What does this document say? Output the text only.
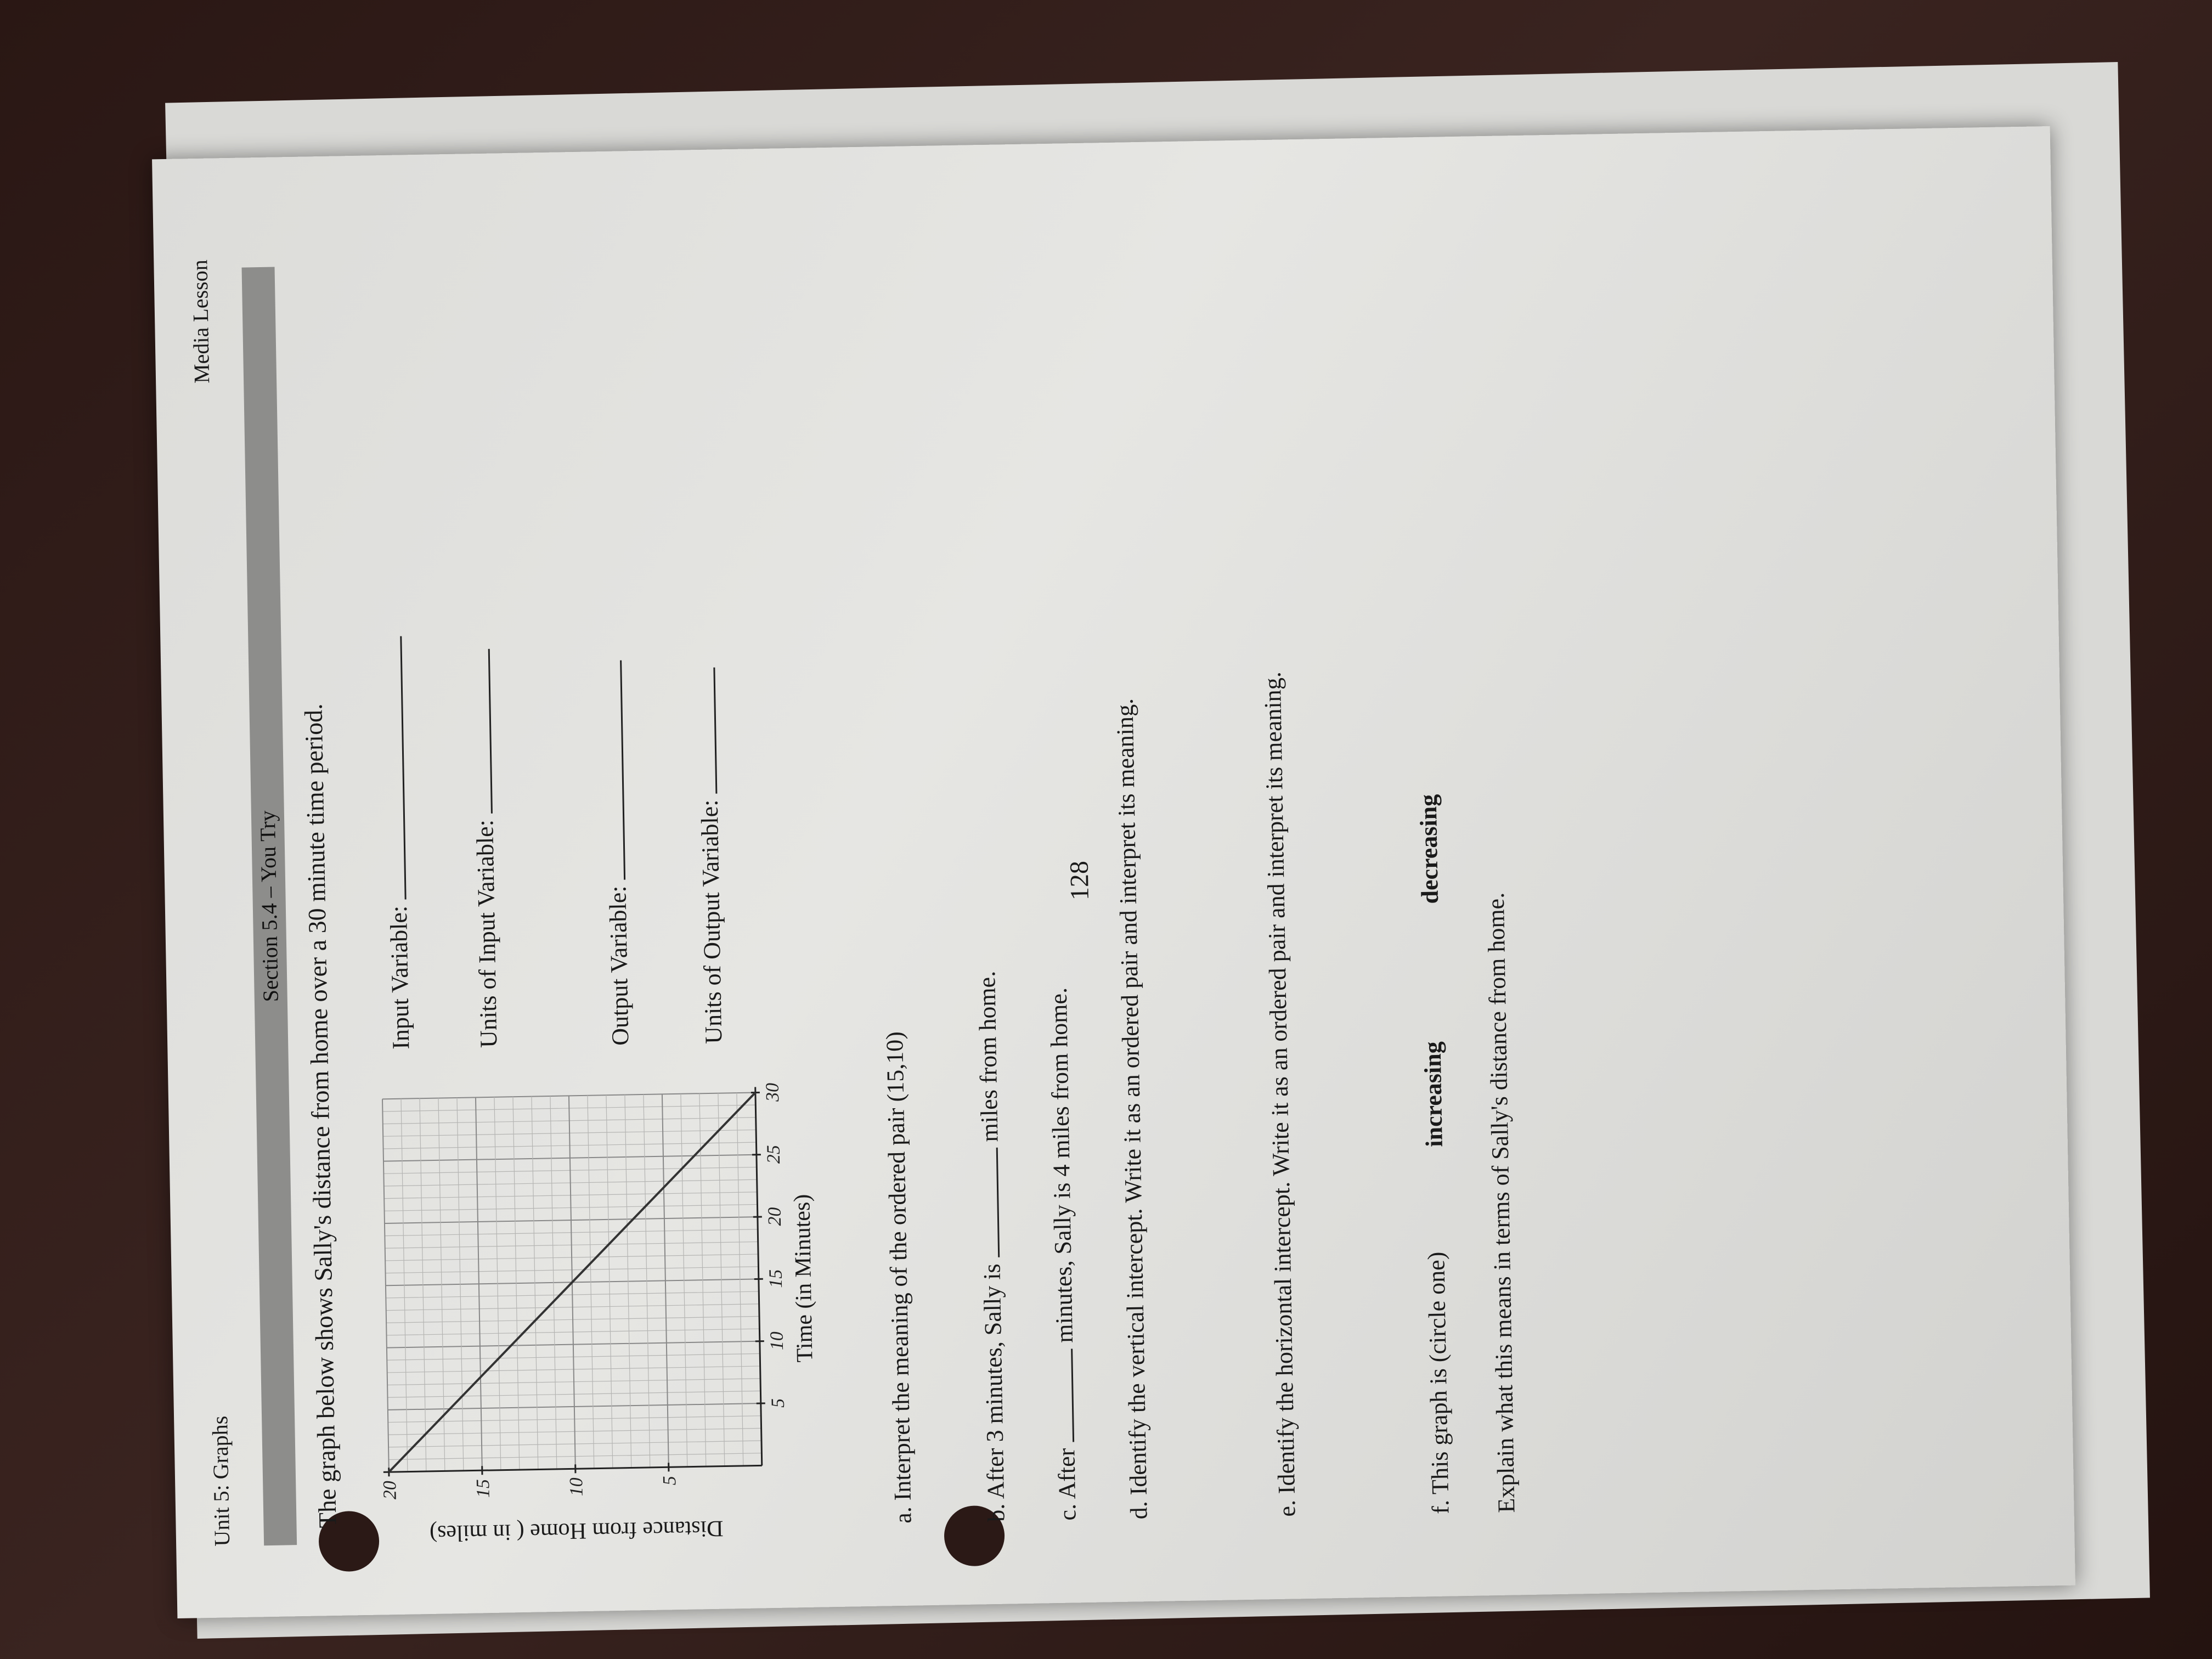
Unit 5: Graphs
Media Lesson
Section 5.4 – You Try The graph below shows Sally's distance from home over a 30 minute time period.	5
10
15
20
25
30
5
10
15
20
Time (in Minutes)
Distance from Home ( in miles)
Input Variable: Units of Input Variable:	Output Variable:	Units of Output Variable:
a. Interpret the meaning of the ordered pair (15,10)	b. After 3 minutes, Sally is  miles from home.
c. After  minutes, Sally is 4 miles from home. d. Identify the vertical intercept. Write it as an ordered pair and interpret its meaning.	e. Identify the horizontal intercept. Write it as an ordered pair and interpret its meaning.	f. This graph is (circle one) increasing decreasing
Explain what this means in terms of Sally's distance from home.
128
